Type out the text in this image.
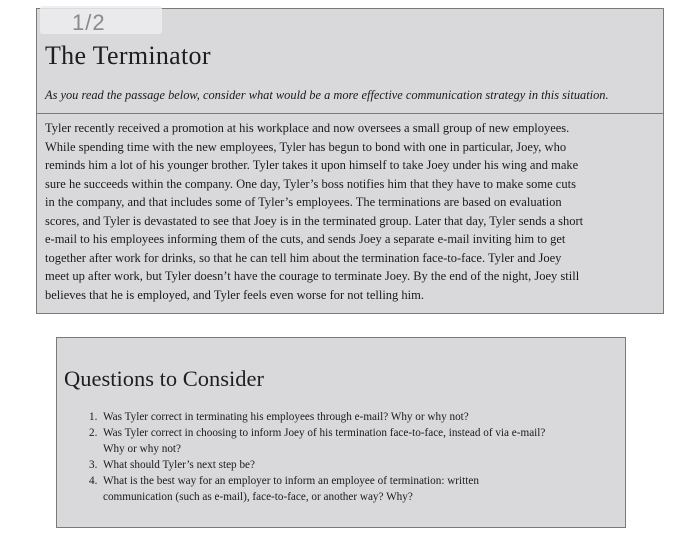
1/2
The Terminator

As you read the passage below, consider what would be a more effective communication strategy in this situation.

Tyler recently received a promotion at his workplace and now oversees a small group of new employees.
While spending time with the new employees, Tyler has begun to bond with one in particular, Joey, who
reminds him a lot of his younger brother. Tyler takes it upon himself to take Joey under his wing and make
sure he succeeds within the company. One day, Tyler’s boss notifies him that they have to make some cuts
in the company, and that includes some of Tyler’s employees. The terminations are based on evaluation
scores, and Tyler is devastated to see that Joey is in the terminated group. Later that day, Tyler sends a short
e-mail to his employees informing them of the cuts, and sends Joey a separate e-mail inviting him to get
together after work for drinks, so that he can tell him about the termination face-to-face. Tyler and Joey
meet up after work, but Tyler doesn’t have the courage to terminate Joey. By the end of the night, Joey still
believes that he is employed, and Tyler feels even worse for not telling him.

Questions to Consider
1. Was Tyler correct in terminating his employees through e-mail? Why or why not?
2. Was Tyler correct in choosing to inform Joey of his termination face-to-face, instead of via e-mail?
Why or why not?
3. What should Tyler’s next step be?
4. What is the best way for an employer to inform an employee of termination: written
communication (such as e-mail), face-to-face, or another way? Why?
